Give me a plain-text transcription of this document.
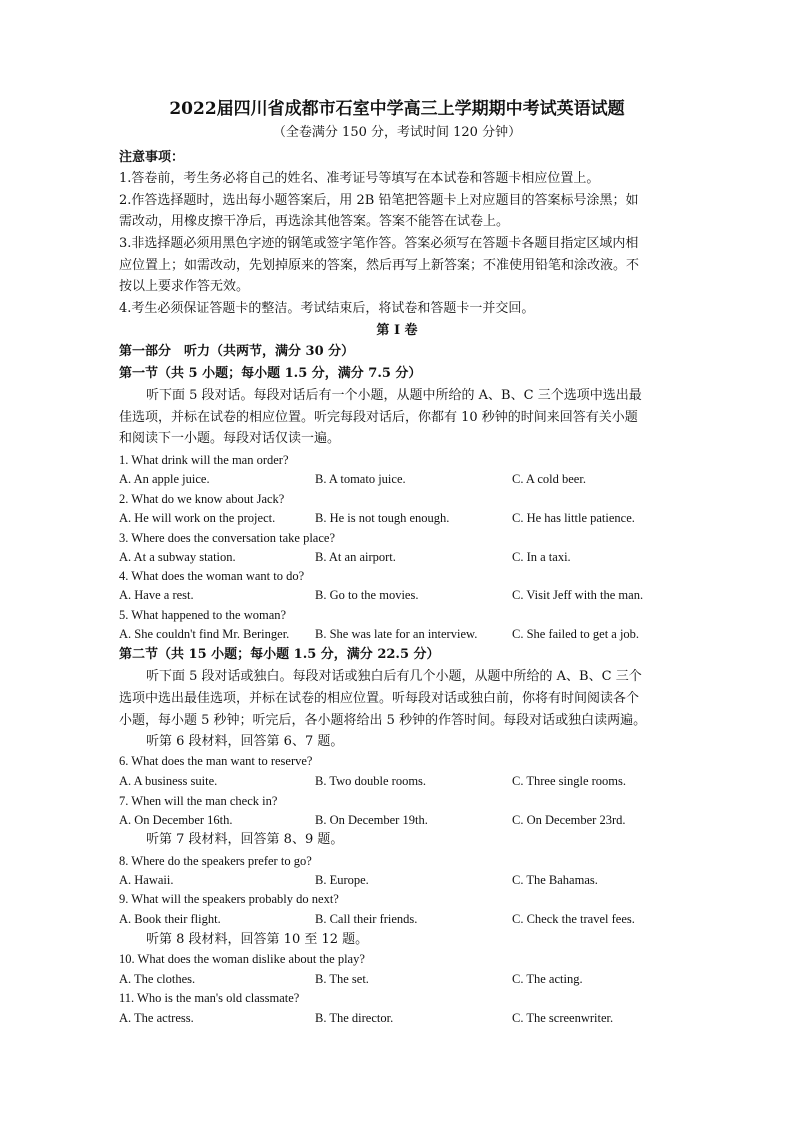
2022届四川省成都市石室中学高三上学期期中考试英语试题
（全卷满分 150 分，考试时间 120 分钟）
注意事项：
1.答卷前，考生务必将自己的姓名、准考证号等填写在本试卷和答题卡相应位置上。
2.作答选择题时，选出每小题答案后，用 2B 铅笔把答题卡上对应题目的答案标号涂黑；如
需改动，用橡皮擦干净后，再选涂其他答案。答案不能答在试卷上。
3.非选择题必须用黑色字迹的钢笔或签字笔作答。答案必须写在答题卡各题目指定区域内相
应位置上；如需改动，先划掉原来的答案，然后再写上新答案；不准使用铅笔和涂改液。不
按以上要求作答无效。
4.考生必须保证答题卡的整洁。考试结束后，将试卷和答题卡一并交回。
第 I 卷
第一部分　听力（共两节，满分 30 分）
第一节（共 5 小题；每小题 1.5 分，满分 7.5 分）
听下面 5 段对话。每段对话后有一个小题，从题中所给的 A、B、C 三个选项中选出最
佳选项，并标在试卷的相应位置。听完每段对话后，你都有 10 秒钟的时间来回答有关小题
和阅读下一小题。每段对话仅读一遍。
1. What drink will the man order?
A. An apple juice.	B. A tomato juice.	C. A cold beer.
2. What do we know about Jack?
A. He will work on the project.	B. He is not tough enough.	C. He has little patience.
3. Where does the conversation take place?
A. At a subway station.	B. At an airport.	C. In a taxi.
4. What does the woman want to do?
A. Have a rest.	B. Go to the movies.	C. Visit Jeff with the man.
5. What happened to the woman?
A. She couldn't find Mr. Beringer. B. She was late for an interview.	C. She failed to get a job.
第二节（共 15 小题；每小题 1.5 分，满分 22.5 分）
听下面 5 段对话或独白。每段对话或独白后有几个小题，从题中所给的 A、B、C 三个
选项中选出最佳选项，并标在试卷的相应位置。听每段对话或独白前，你将有时间阅读各个
小题，每小题 5 秒钟；听完后，各小题将给出 5 秒钟的作答时间。每段对话或独白读两遍。
听第 6 段材料，回答第 6、7 题。
6. What does the man want to reserve?
A. A business suite.	B. Two double rooms.	C. Three single rooms.
7. When will the man check in?
A. On December 16th.	B. On December 19th.	C. On December 23rd.
听第 7 段材料，回答第 8、9 题。
8. Where do the speakers prefer to go?
A. Hawaii.	B. Europe.	C. The Bahamas.
9. What will the speakers probably do next?
A. Book their flight.	B. Call their friends.	C. Check the travel fees.
听第 8 段材料，回答第 10 至 12 题。
10. What does the woman dislike about the play?
A. The clothes.	B. The set.	C. The acting.
11. Who is the man's old classmate?
A. The actress.	B. The director.	C. The screenwriter.
